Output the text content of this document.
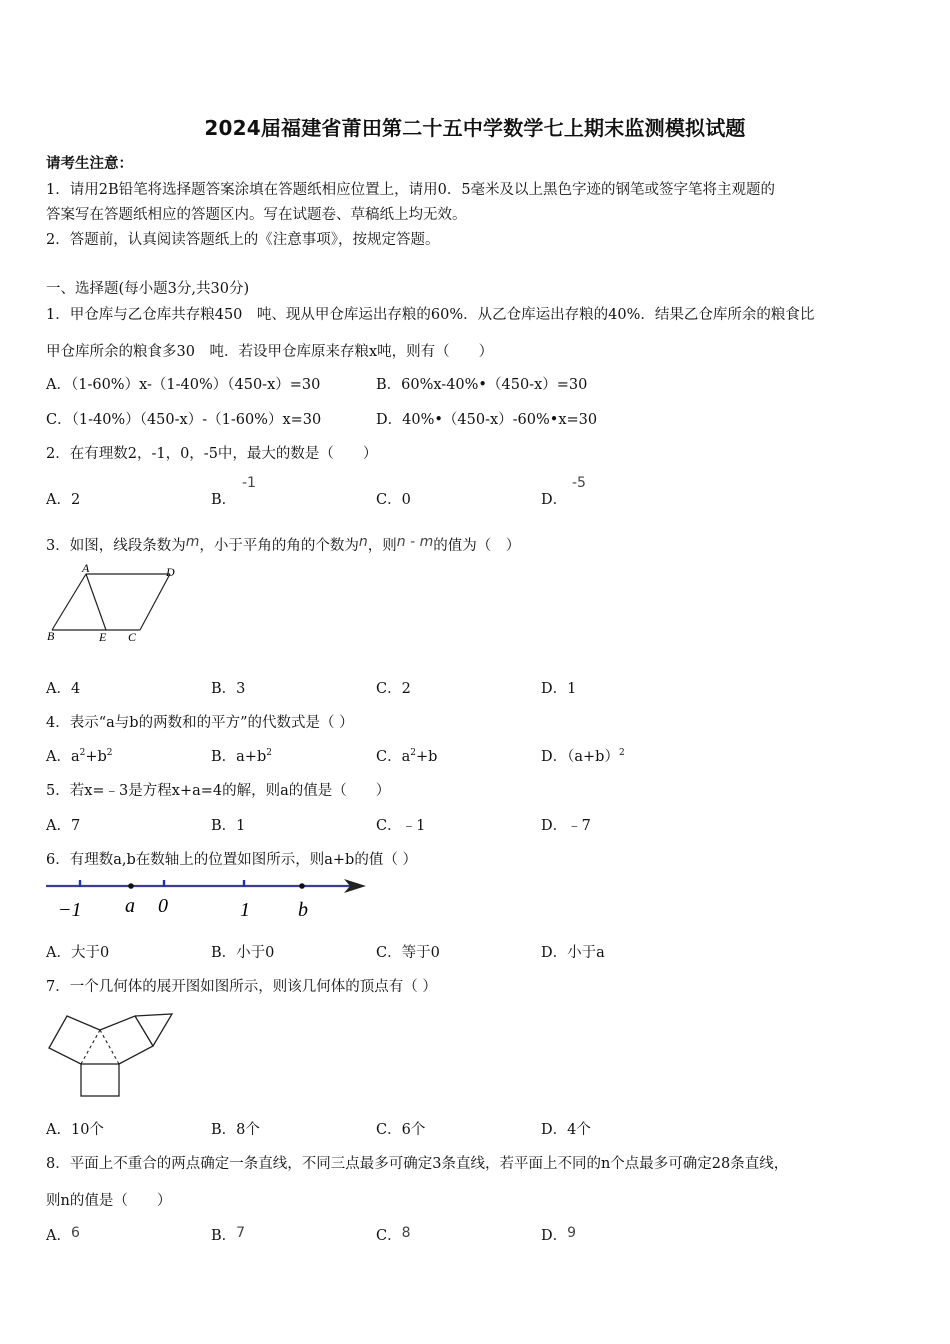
2024届福建省莆田第二十五中学数学七上期末监测模拟试题
请考生注意：
1．请用2B铅笔将选择题答案涂填在答题纸相应位置上，请用0．5毫米及以上黑色字迹的钢笔或签字笔将主观题的
答案写在答题纸相应的答题区内。写在试题卷、草稿纸上均无效。
2．答题前，认真阅读答题纸上的《注意事项》，按规定答题。
一、选择题(每小题3分,共30分)
1．甲仓库与乙仓库共存粮450　吨、现从甲仓库运出存粮的60%．从乙仓库运出存粮的40%．结果乙仓库所余的粮食比
甲仓库所余的粮食多30　吨．若设甲仓库原来存粮x吨，则有（　　）
A．（1-60%）x-（1-40%）（450-x）=30	B．60%x-40%•（450-x）=30
C．（1-40%）（450-x）-（1-60%）x=30	D．40%•（450-x）-60%•x=30
2．在有理数2，-1，0，-5中，最大的数是（　　）
A．2	B．
-1
C．0	D．
-5
3．如图，线段条数为m，小于平角的角的个数为n，则n - m的值为（　）
A	D
B	E C
A．4	B．3	C．2	D．1
4．表示“a与b的两数和的平方”的代数式是（ ）
A．$a^2+b^2$	B．$a+b^2$	C．$a^2+b$	D．$(a+b)^2$
5．若x=﹣3是方程x+a=4的解，则a的值是（　　）
A．7	B．1	C．﹣1	D．﹣7
6．有理数a,b在数轴上的位置如图所示，则a+b的值（ ）
−1 a 0	1 b
A．大于0	B．小于0	C．等于0	D．小于a
7．一个几何体的展开图如图所示，则该几何体的顶点有（ ）
A．10个	B．8个	C．6个	D．4个
8．平面上不重合的两点确定一条直线，不同三点最多可确定3条直线，若平面上不同的n个点最多可确定28条直线，
则n的值是（　　）
A．6	B．7	C．8	D．9
